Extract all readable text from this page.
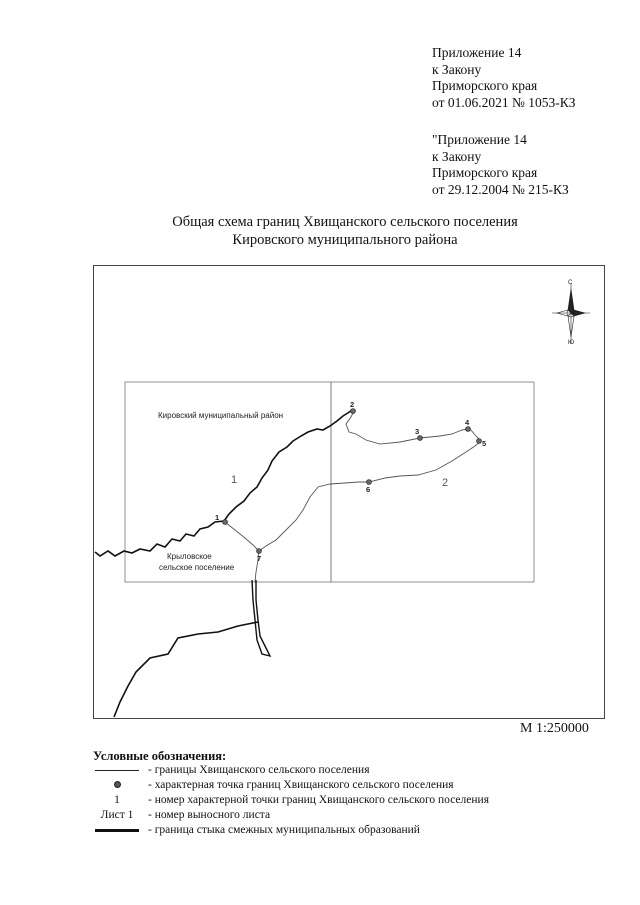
Приложение 14
к Закону
Приморского края
от 01.06.2021 № 1053-КЗ
"Приложение 14
к Закону
Приморского края
от 29.12.2004 № 215-КЗ
Общая схема границ Хвищанского сельского поселения
Кировского муниципального района
1
2
3
4
5
6
7
Кировский муниципальный район
Крыловское
сельское поселение
1	2
С
Ю
М 1:250000
Условные обозначения:
- границы Хвищанского сельского поселения
- характерная точка границ Хвищанского сельского поселения
1	- номер характерной точки границ Хвищанского сельского поселения
Лист 1	- номер выносного листа
- граница стыка смежных муниципальных образований
